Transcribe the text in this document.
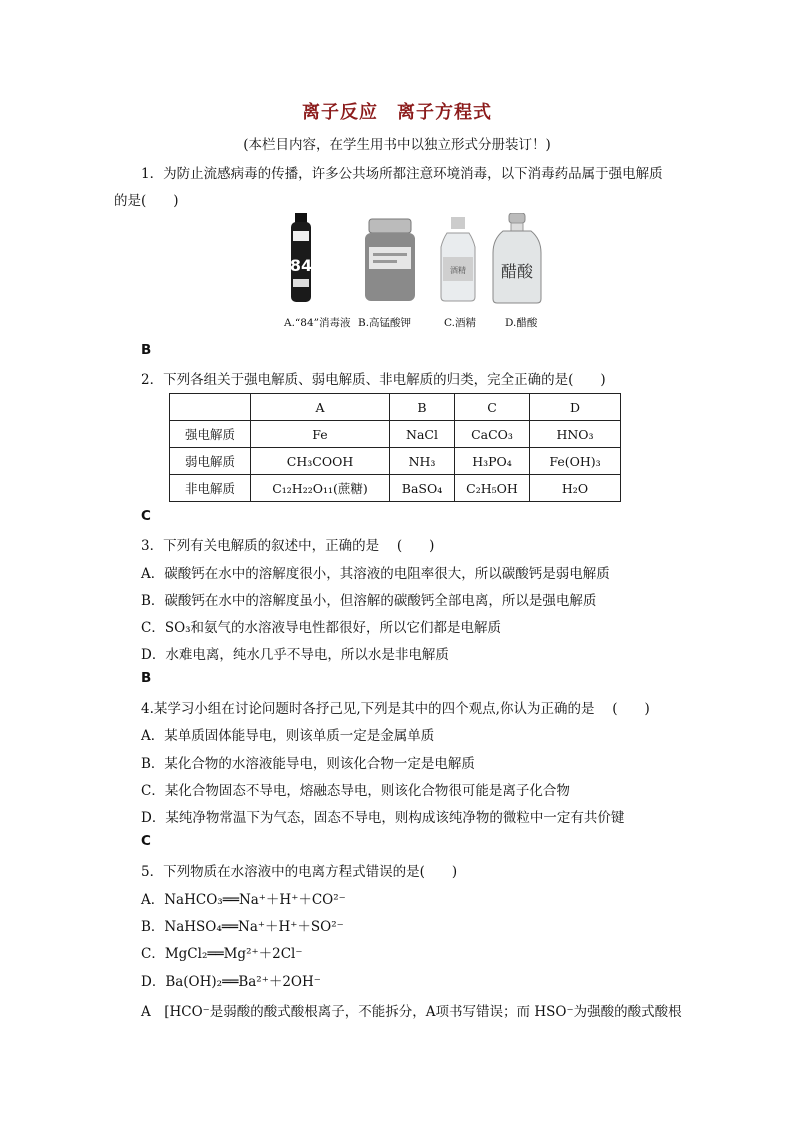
离子反应　离子方程式
(本栏目内容，在学生用书中以独立形式分册装订！)
1．为防止流感病毒的传播，许多公共场所都注意环境消毒，以下消毒药品属于强电解质
的是(　　)
84	酒精 醋酸
A.“84”消毒液 B.高锰酸钾	C.酒精	D.醋酸
B
2．下列各组关于强电解质、弱电解质、非电解质的归类，完全正确的是(　　)
	A	B	C	D
强电解质	Fe	NaCl	CaCO₃	HNO₃
弱电解质	CH₃COOH	NH₃	H₃PO₄	Fe(OH)₃
非电解质	C₁₂H₂₂O₁₁(蔗糖)	BaSO₄	C₂H₅OH	H₂O
C
3．下列有关电解质的叙述中，正确的是　 (　　)
A．碳酸钙在水中的溶解度很小，其溶液的电阻率很大，所以碳酸钙是弱电解质
B．碳酸钙在水中的溶解度虽小，但溶解的碳酸钙全部电离，所以是强电解质
C．SO₃和氨气的水溶液导电性都很好，所以它们都是电解质
D．水难电离，纯水几乎不导电，所以水是非电解质
B
4.某学习小组在讨论问题时各抒己见,下列是其中的四个观点,你认为正确的是　 (　　)
A．某单质固体能导电，则该单质一定是金属单质
B．某化合物的水溶液能导电，则该化合物一定是电解质
C．某化合物固态不导电，熔融态导电，则该化合物很可能是离子化合物
D．某纯净物常温下为气态，固态不导电，则构成该纯净物的微粒中一定有共价键
C
5．下列物质在水溶液中的电离方程式错误的是(　　)
A．NaHCO₃══Na⁺＋H⁺＋CO²⁻
B．NaHSO₄══Na⁺＋H⁺＋SO²⁻
C．MgCl₂══Mg²⁺＋2Cl⁻
D．Ba(OH)₂══Ba²⁺＋2OH⁻
A　[HCO⁻是弱酸的酸式酸根离子，不能拆分，A项书写错误；而 HSO⁻为强酸的酸式酸根
